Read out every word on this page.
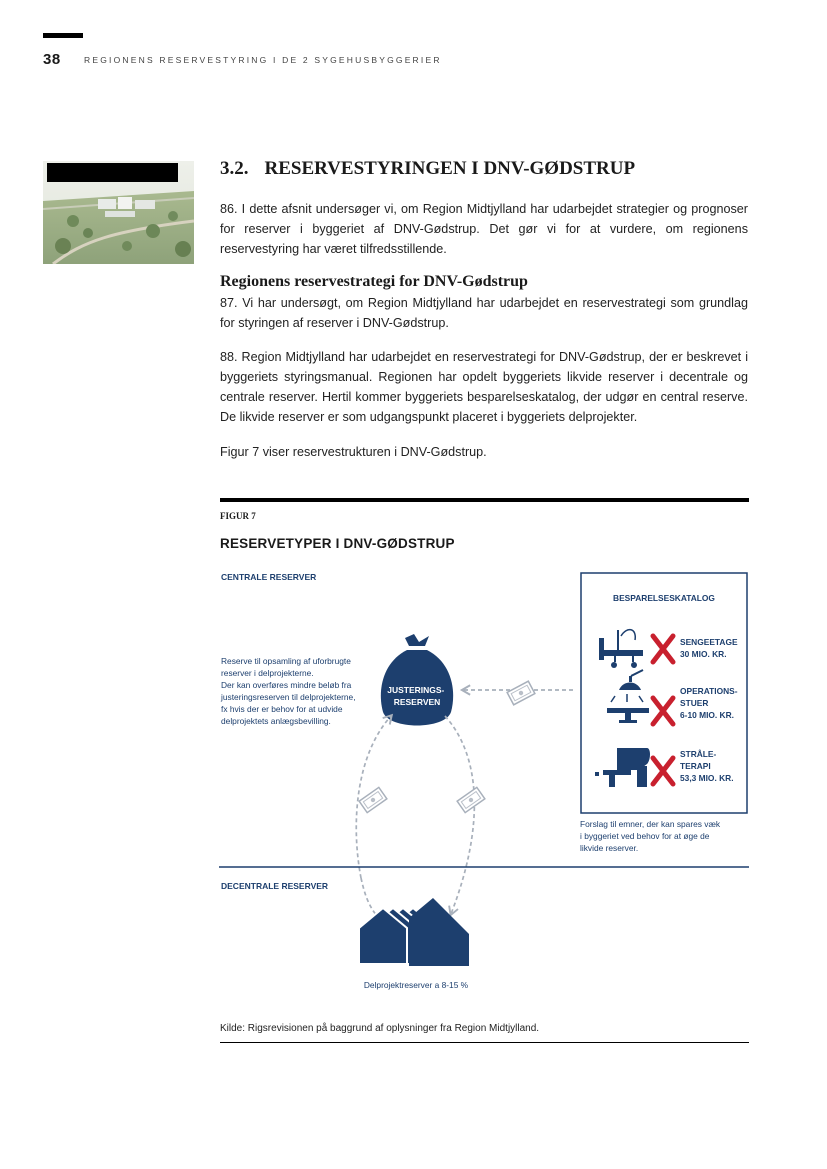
38	REGIONENS RESERVESTYRING I DE 2 SYGEHUSBYGGERIER
3.2. RESERVESTYRINGEN I DNV-GØDSTRUP
86. I dette afsnit undersøger vi, om Region Midtjylland har udarbejdet strategier og prognoser for reserver i byggeriet af DNV-Gødstrup. Det gør vi for at vurdere, om regionens reservestyring har været tilfredsstillende.
Regionens reservestrategi for DNV-Gødstrup
87. Vi har undersøgt, om Region Midtjylland har udarbejdet en reservestrategi som grundlag for styringen af reserver i DNV-Gødstrup.
88. Region Midtjylland har udarbejdet en reservestrategi for DNV-Gødstrup, der er beskrevet i byggeriets styringsmanual. Regionen har opdelt byggeriets likvide reserver i decentrale og centrale reserver. Hertil kommer byggeriets besparelseskatalog, der udgør en central reserve. De likvide reserver er som udgangspunkt placeret i byggeriets delprojekter.
Figur 7 viser reservestrukturen i DNV-Gødstrup.
FIGUR 7
RESERVETYPER I DNV-GØDSTRUP
CENTRALE RESERVER
DECENTRALE RESERVER
Reserve til opsamling af uforbrugte reserver i delprojekterne. Der kan overføres mindre beløb fra justeringsreserven til delprojekterne, fx hvis der er behov for at udvide delprojektets anlægsbevilling.
JUSTERINGS- RESERVEN
Delprojektreserver a 8-15 %
BESPARELSESKATALOG
SENGEETAGE 30 MIO. KR.
OPERATIONS- STUER 6-10 MIO. KR.
STRÅLE- TERAPI 53,3 MIO. KR.
Forslag til emner, der kan spares væk i byggeriet ved behov for at øge de likvide reserver.
Kilde: Rigsrevisionen på baggrund af oplysninger fra Region Midtjylland.
